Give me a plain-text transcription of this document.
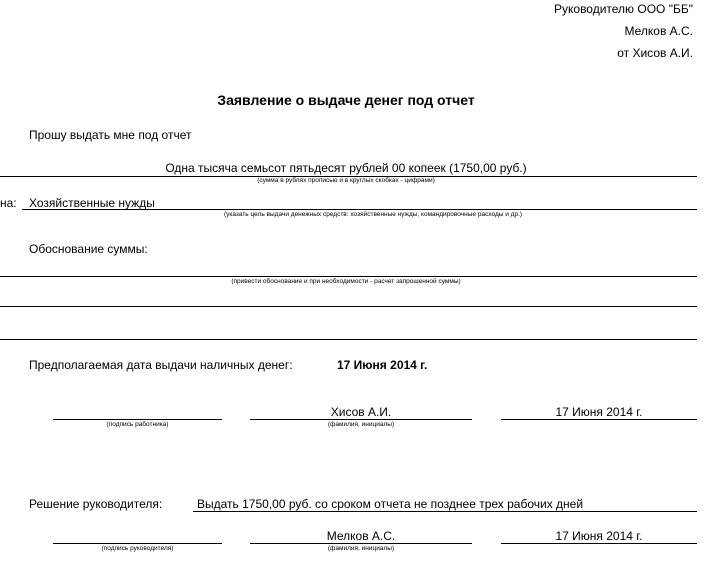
Руководителю ООО "ББ"
Мелков А.С.
от Хисов А.И.
Заявление о выдаче денег под отчет
Прошу выдать мне под отчет
Одна тысяча семьсот пятьдесят рублей 00 копеек (1750,00 руб.)
(сумма в рублях прописью и в круглых скобках - цифрами)
на: Хозяйственные нужды
(указать цель выдачи денежных средств: хозяйственные нужды, командировочные расходы и др.)
Обоснование суммы:
(привести обоснование и при необходимости - расчет запрошенной суммы)
Предполагаемая дата выдачи наличных денег:	17 Июня 2014 г.
(подпись работника)
Хисов А.И.
(фамилия, инициалы)
17 Июня 2014 г.
Решение руководителя:	Выдать 1750,00 руб. со сроком отчета не позднее трех рабочих дней
(подпись руководителя)
Мелков А.С.
(фамилия, инициалы)
17 Июня 2014 г.
